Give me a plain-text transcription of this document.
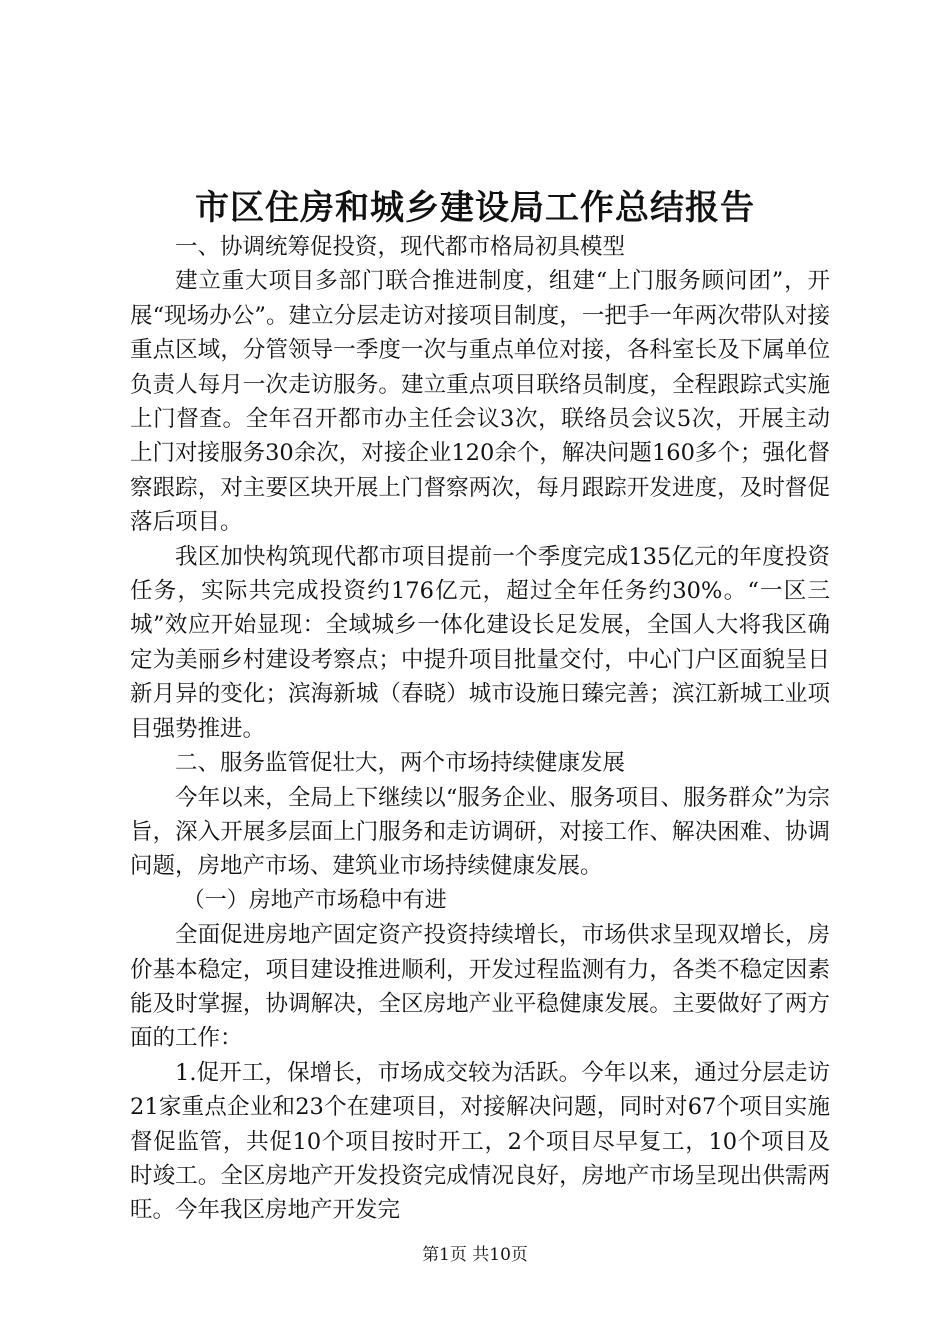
市区住房和城乡建设局工作总结报告

一、协调统筹促投资，现代都市格局初具模型

建立重大项目多部门联合推进制度，组建“上门服务顾问团”，开展“现场办公”。建立分层走访对接项目制度，一把手一年两次带队对接重点区域，分管领导一季度一次与重点单位对接，各科室长及下属单位负责人每月一次走访服务。建立重点项目联络员制度，全程跟踪式实施上门督查。全年召开都市办主任会议3次，联络员会议5次，开展主动上门对接服务30余次，对接企业120余个，解决问题160多个；强化督察跟踪，对主要区块开展上门督察两次，每月跟踪开发进度，及时督促落后项目。

我区加快构筑现代都市项目提前一个季度完成135亿元的年度投资任务，实际共完成投资约176亿元，超过全年任务约30%。“一区三城”效应开始显现：全域城乡一体化建设长足发展，全国人大将我区确定为美丽乡村建设考察点；中提升项目批量交付，中心门户区面貌呈日新月异的变化；滨海新城（春晓）城市设施日臻完善；滨江新城工业项目强势推进。

二、服务监管促壮大，两个市场持续健康发展

今年以来，全局上下继续以“服务企业、服务项目、服务群众”为宗旨，深入开展多层面上门服务和走访调研，对接工作、解决困难、协调问题，房地产市场、建筑业市场持续健康发展。

（一）房地产市场稳中有进

全面促进房地产固定资产投资持续增长，市场供求呈现双增长，房价基本稳定，项目建设推进顺利，开发过程监测有力，各类不稳定因素能及时掌握，协调解决，全区房地产业平稳健康发展。主要做好了两方面的工作：

1.促开工，保增长，市场成交较为活跃。今年以来，通过分层走访21家重点企业和23个在建项目，对接解决问题，同时对67个项目实施督促监管，共促10个项目按时开工，2个项目尽早复工，10个项目及时竣工。全区房地产开发投资完成情况良好，房地产市场呈现出供需两旺。今年我区房地产开发完

第1页 共10页
